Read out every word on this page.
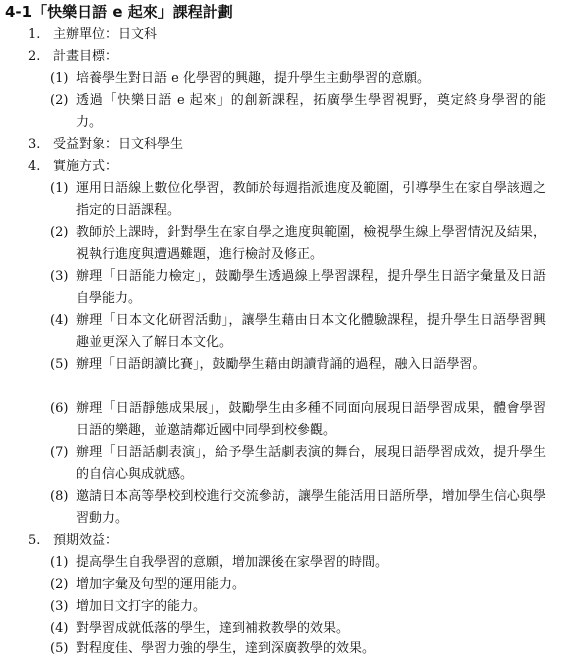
4-1「快樂日語 e 起來」課程計劃
1. 主辦單位：日文科
2. 計畫目標：
(1) 培養學生對日語 e 化學習的興趣，提升學生主動學習的意願。
(2) 透過「快樂日語 e 起來」的創新課程，拓廣學生學習視野，奠定終身學習的能力。
3. 受益對象：日文科學生
4. 實施方式：
(1) 運用日語線上數位化學習，教師於每週指派進度及範圍，引導學生在家自學該週之指定的日語課程。
(2) 教師於上課時，針對學生在家自學之進度與範圍，檢視學生線上學習情況及結果，視執行進度與遭遇難題，進行檢討及修正。
(3) 辦理「日語能力檢定」，鼓勵學生透過線上學習課程，提升學生日語字彙量及日語自學能力。
(4) 辦理「日本文化研習活動」，讓學生藉由日本文化體驗課程，提升學生日語學習興趣並更深入了解日本文化。
(5) 辦理「日語朗讀比賽」，鼓勵學生藉由朗讀背誦的過程，融入日語學習。
(6) 辦理「日語靜態成果展」，鼓勵學生由多種不同面向展現日語學習成果，體會學習日語的樂趣，並邀請鄰近國中同學到校參觀。
(7) 辦理「日語話劇表演」，給予學生話劇表演的舞台，展現日語學習成效，提升學生的自信心與成就感。
(8) 邀請日本高等學校到校進行交流參訪，讓學生能活用日語所學，增加學生信心與學習動力。
5. 預期效益：
(1) 提高學生自我學習的意願，增加課後在家學習的時間。
(2) 增加字彙及句型的運用能力。
(3) 增加日文打字的能力。
(4) 對學習成就低落的學生，達到補救教學的效果。
(5) 對程度佳、學習力強的學生，達到深廣教學的效果。
